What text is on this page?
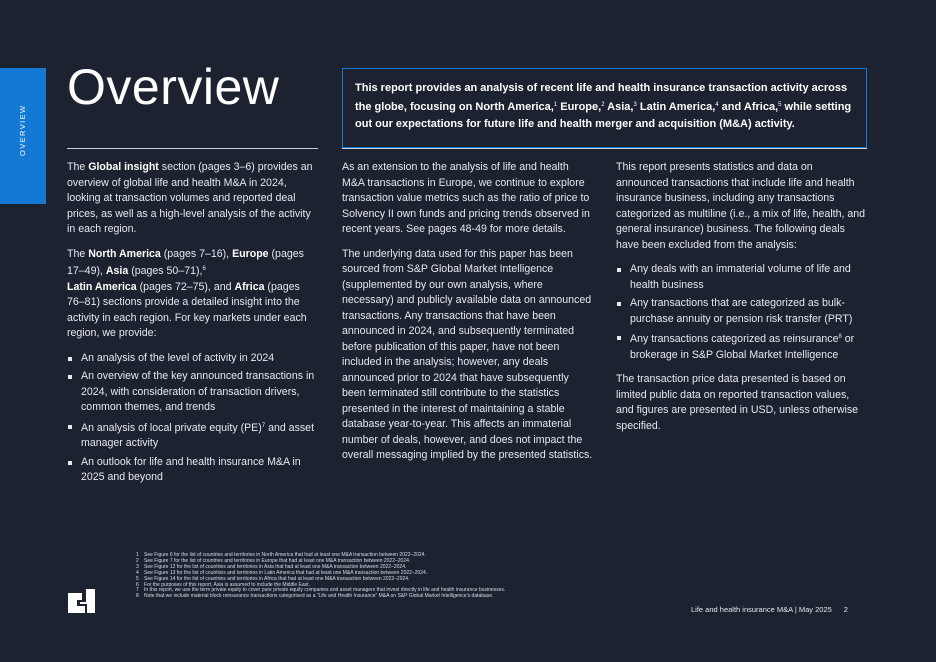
OVERVIEW
Overview	This report provides an analysis of recent life and health insurance transaction activity across the globe, focusing on North America,$^1$ Europe,$^2$ Asia,$^3$ Latin America,$^4$ and Africa,$^5$ while setting out our expectations for future life and health merger and acquisition (M&A) activity.

The Global insight section (pages 3–6) provides an overview of global life and health M&A in 2024, looking at transaction volumes and reported deal prices, as well as a high-level analysis of the activity in each region.

The North America (pages 7–16), Europe (pages 17–49), Asia (pages 50–71),$^6$
Latin America (pages 72–75), and Africa (pages 76–81) sections provide a detailed insight into the activity in each region. For key markets under each region, we provide:

An analysis of the level of activity in 2024
An overview of the key announced transactions in 2024, with consideration of transaction drivers, common themes, and trends
An analysis of local private equity (PE)$^7$ and asset manager activity
An outlook for life and health insurance M&A in 2025 and beyond

As an extension to the analysis of life and health M&A transactions in Europe, we continue to explore transaction value metrics such as the ratio of price to Solvency II own funds and pricing trends observed in recent years. See pages 48-49 for more details.

The underlying data used for this paper has been sourced from S&P Global Market Intelligence (supplemented by our own analysis, where necessary) and publicly available data on announced transactions. Any transactions that have been announced in 2024, and subsequently terminated before publication of this paper, have not been included in the analysis; however, any deals announced prior to 2024 that have subsequently been terminated still contribute to the statistics presented in the interest of maintaining a stable database year-to-year. This affects an immaterial number of deals, however, and does not impact the overall messaging implied by the presented statistics.

This report presents statistics and data on announced transactions that include life and health insurance business, including any transactions categorized as multiline (i.e., a mix of life, health, and general insurance) business. The following deals have been excluded from the analysis:

Any deals with an immaterial volume of life and health business
Any transactions that are categorized as bulk-purchase annuity or pension risk transfer (PRT)
Any transactions categorized as reinsurance$^8$ or brokerage in S&P Global Market Intelligence

The transaction price data presented is based on limited public data on reported transaction values, and figures are presented in USD, unless otherwise specified.

1 See Figure 6 for the list of countries and territories in North America that had at least one M&A transaction between 2022–2024.
2 See Figure 7 for the list of countries and territories in Europe that had at least one M&A transaction between 2022–2024.
3 See Figure 12 for the list of countries and territories in Asia that had at least one M&A transaction between 2022–2024.
4 See Figure 13 for the list of countries and territories in Latin America that had at least one M&A transaction between 2022–2024.
5 See Figure 14 for the list of countries and territories in Africa that had at least one M&A transaction between 2022–2024.
6 For the purposes of this report, Asia is assumed to include the Middle East.
7 In this report, we use the term private equity to cover pure private equity companies and asset managers that invest directly in life and health insurance businesses.
8 Note that we include material block reinsurance transactions categorised as a “Life and Health Insurance” M&A on S&P Global Market Intelligence’s database.
Life and health insurance M&A | May 2025 2
